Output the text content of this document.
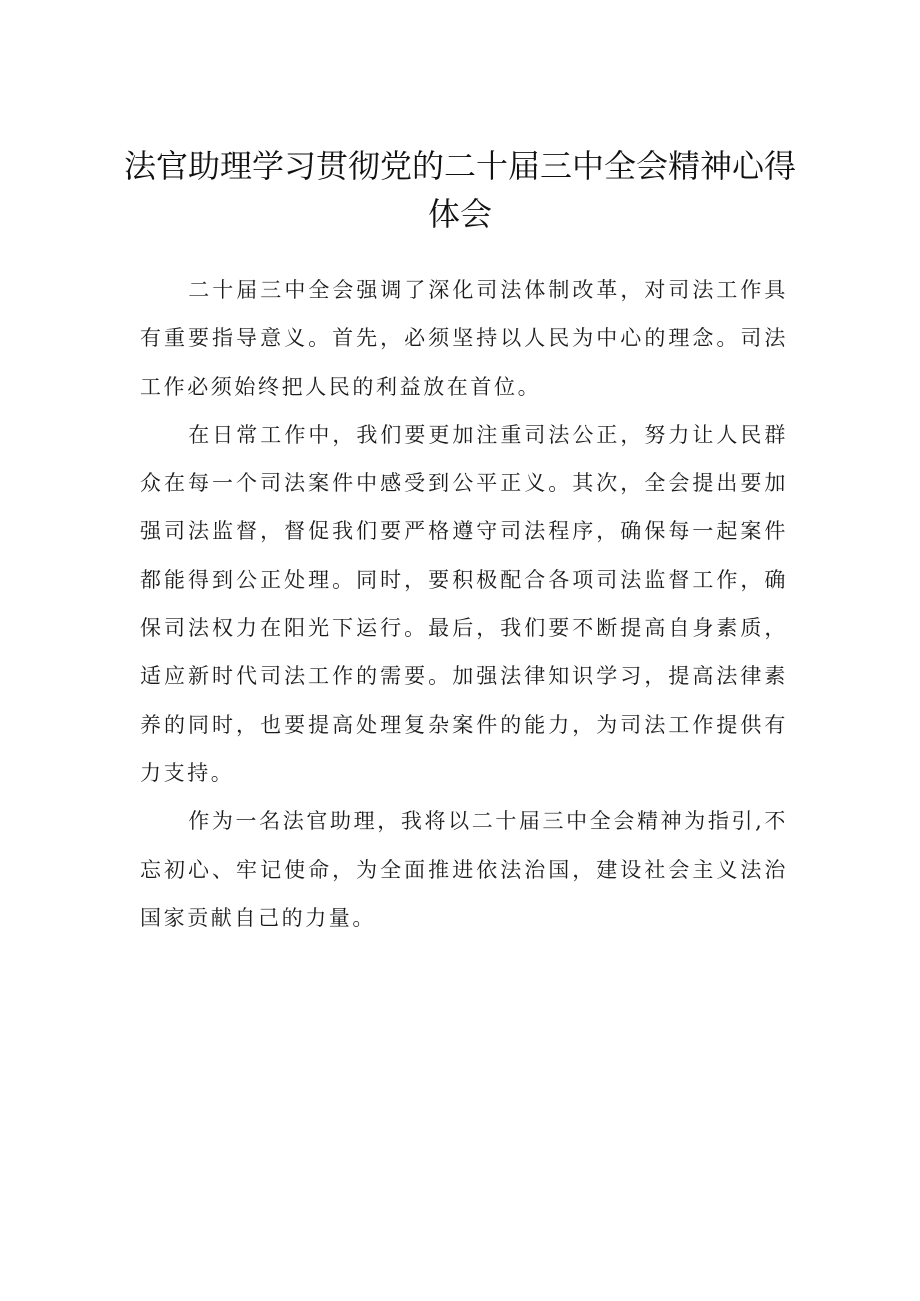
法官助理学习贯彻党的二十届三中全会精神心得体会

二十届三中全会强调了深化司法体制改革，对司法工作具有重要指导意义。首先，必须坚持以人民为中心的理念。司法工作必须始终把人民的利益放在首位。

在日常工作中，我们要更加注重司法公正，努力让人民群众在每一个司法案件中感受到公平正义。其次，全会提出要加强司法监督，督促我们要严格遵守司法程序，确保每一起案件都能得到公正处理。同时，要积极配合各项司法监督工作，确保司法权力在阳光下运行。最后，我们要不断提高自身素质，适应新时代司法工作的需要。加强法律知识学习，提高法律素养的同时，也要提高处理复杂案件的能力，为司法工作提供有力支持。

作为一名法官助理，我将以二十届三中全会精神为指引,不忘初心、牢记使命，为全面推进依法治国，建设社会主义法治国家贡献自己的力量。
